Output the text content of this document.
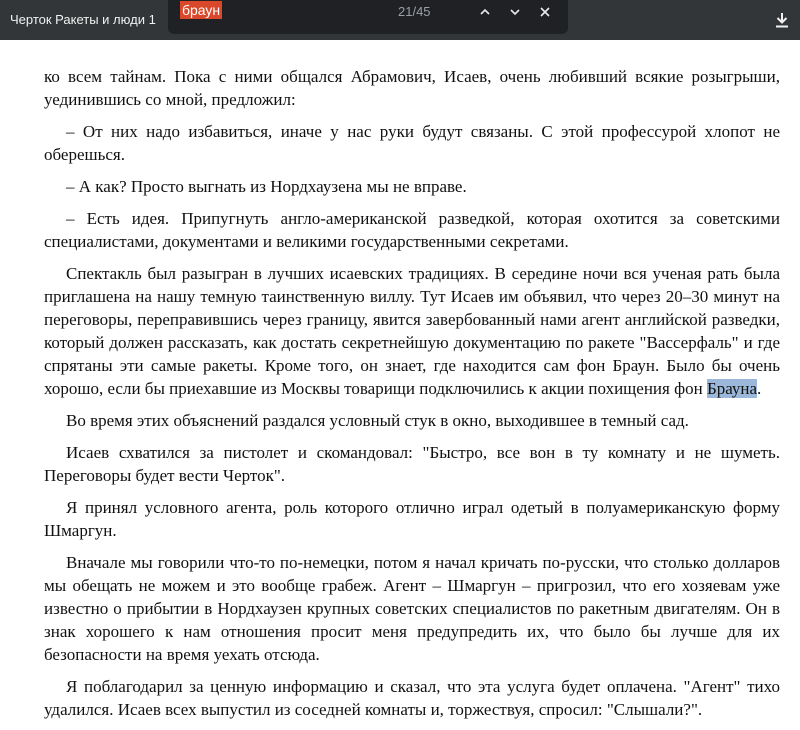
Черток Ракеты и люди 1
браун	21/45

ко всем тайнам. Пока с ними общался Абрамович, Исаев, очень любивший всякие розыгрыши, уединившись со мной, предложил:

– От них надо избавиться, иначе у нас руки будут связаны. С этой профессурой хлопот не оберешься.

– А как? Просто выгнать из Нордхаузена мы не вправе.

– Есть идея. Припугнуть англо-американской разведкой, которая охотится за советскими специалистами, документами и великими государственными секретами.

Спектакль был разыгран в лучших исаевских традициях. В середине ночи вся ученая рать была приглашена на нашу темную таинственную виллу. Тут Исаев им объявил, что через 20–30 минут на переговоры, переправившись через границу, явится завербованный нами агент английской разведки, который должен рассказать, как достать секретнейшую документацию по ракете "Вассерфаль" и где спрятаны эти самые ракеты. Кроме того, он знает, где находится сам фон Браун. Было бы очень хорошо, если бы приехавшие из Москвы товарищи подключились к акции похищения фон Брауна.

Во время этих объяснений раздался условный стук в окно, выходившее в темный сад.

Исаев схватился за пистолет и скомандовал: "Быстро, все вон в ту комнату и не шуметь. Переговоры будет вести Черток".

Я принял условного агента, роль которого отлично играл одетый в полуамериканскую форму Шмаргун.

Вначале мы говорили что-то по-немецки, потом я начал кричать по-русски, что столько долларов мы обещать не можем и это вообще грабеж. Агент – Шмаргун – пригрозил, что его хозяевам уже известно о прибытии в Нордхаузен крупных советских специалистов по ракетным двигателям. Он в знак хорошего к нам отношения просит меня предупредить их, что было бы лучше для их безопасности на время уехать отсюда.

Я поблагодарил за ценную информацию и сказал, что эта услуга будет оплачена. "Агент" тихо удалился. Исаев всех выпустил из соседней комнаты и, торжествуя, спросил: "Слышали?".
